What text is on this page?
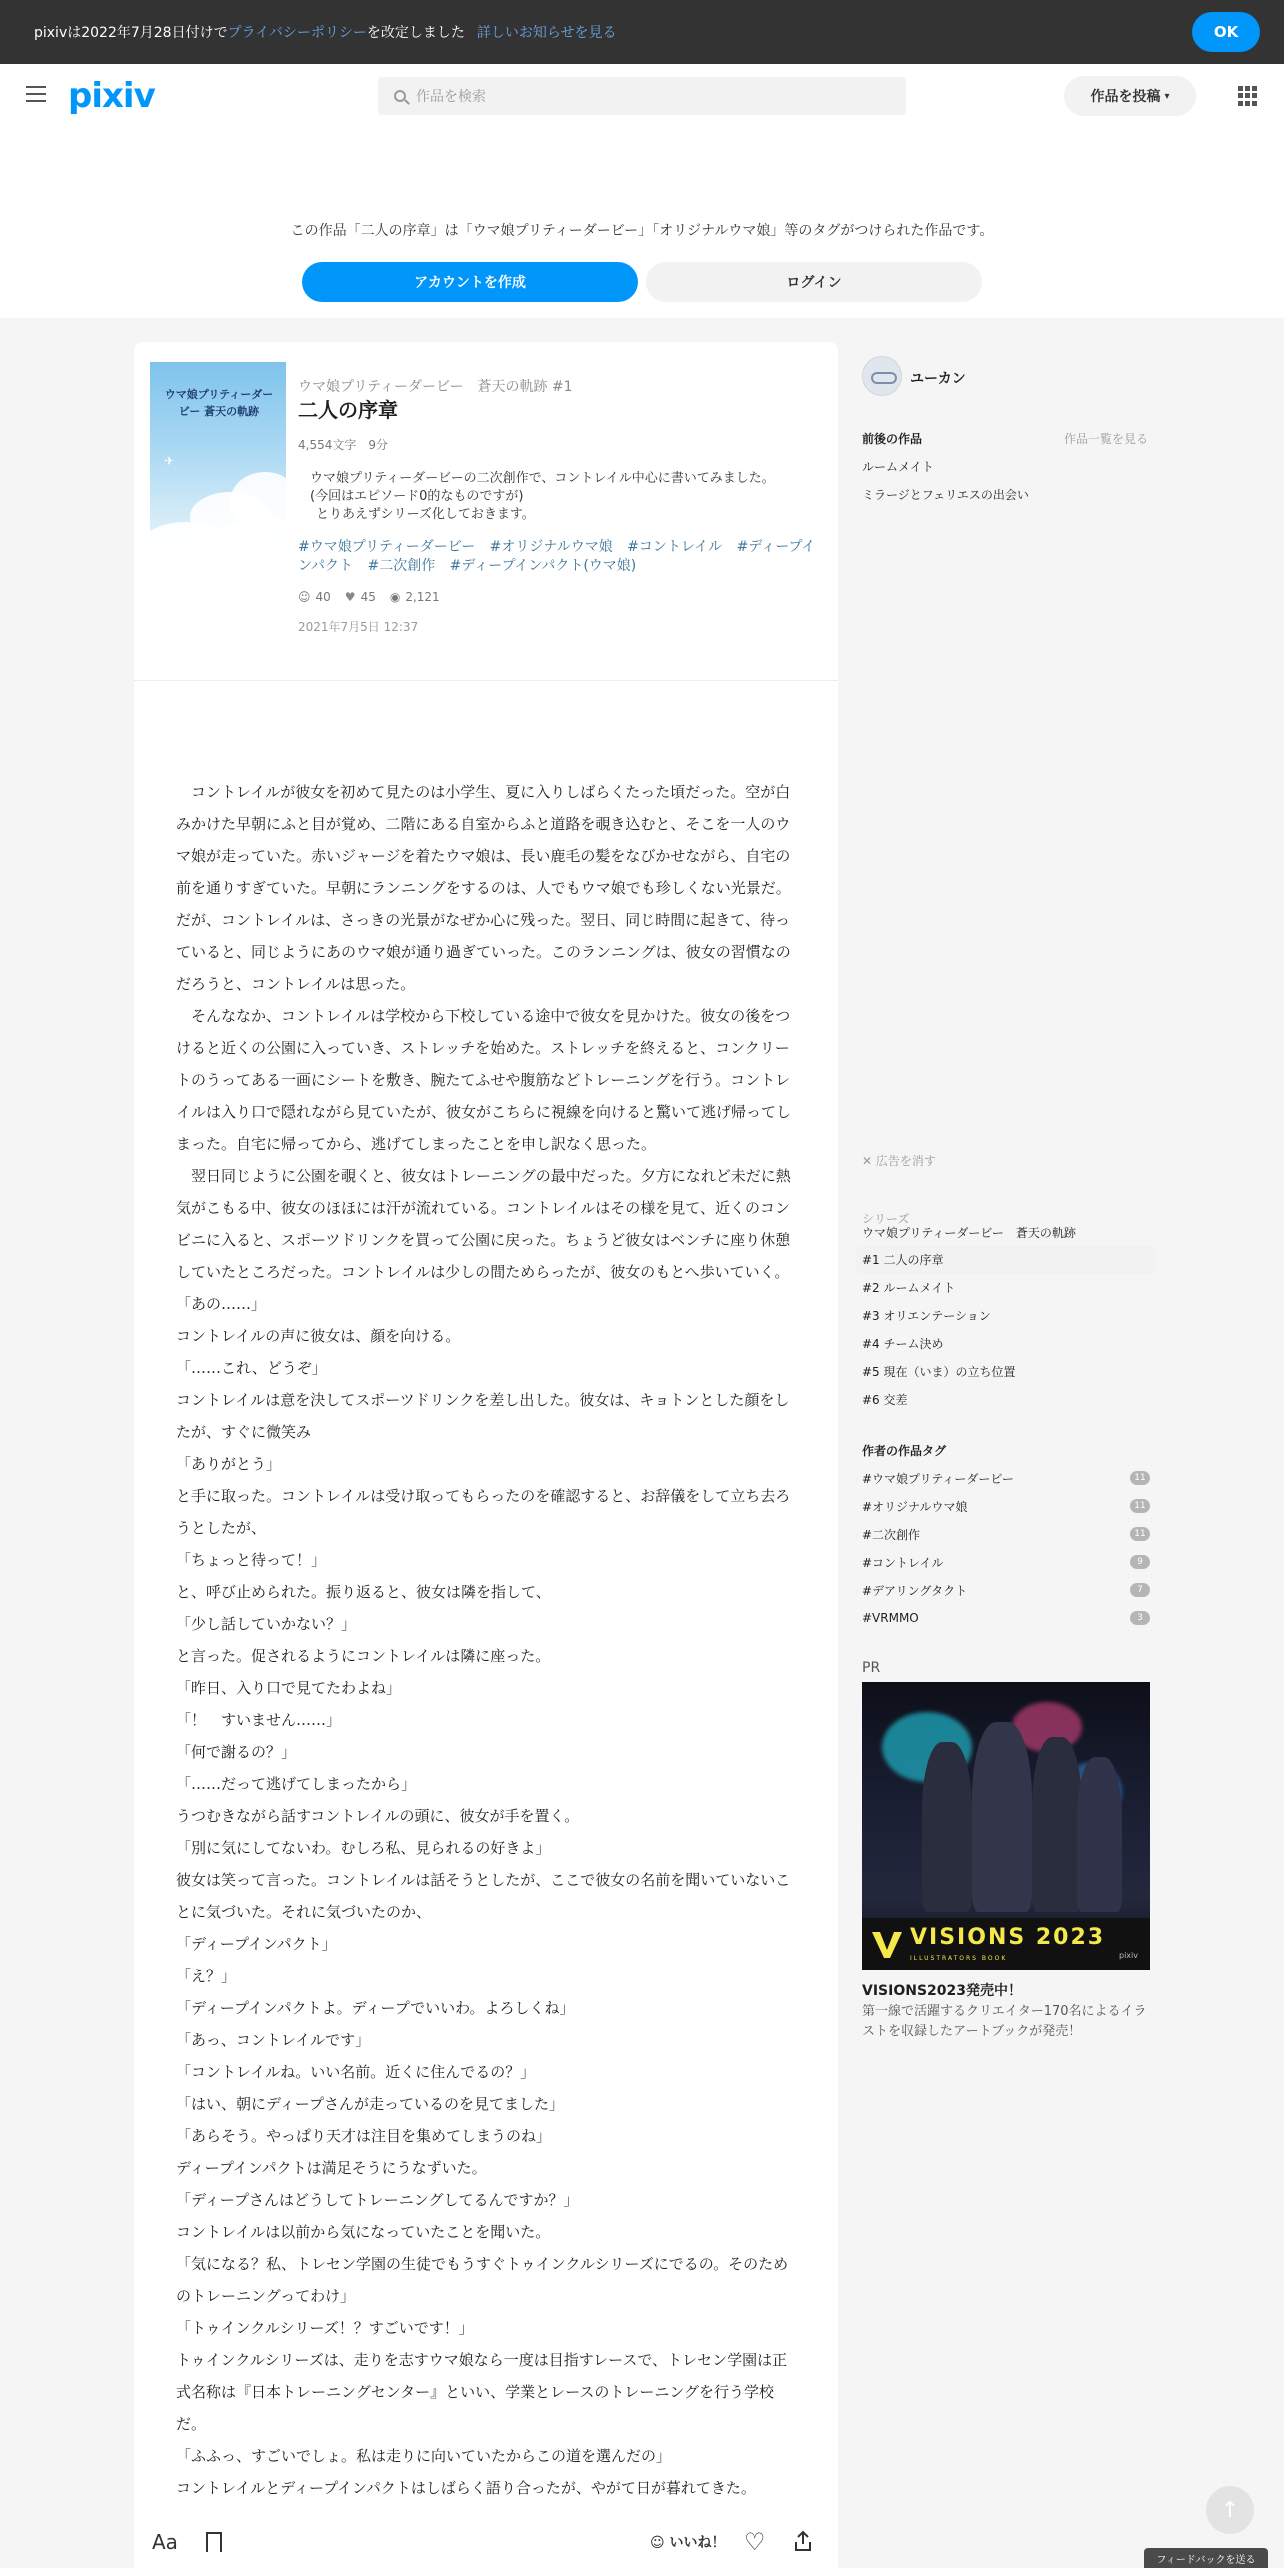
pixivは2022年7月28日付けでプライバシーポリシーを改定しました 詳しいお知らせを見る	OK
pixiv	作品を検索	作品を投稿 ▾
この作品「二人の序章」は「ウマ娘プリティーダービー」「オリジナルウマ娘」等のタグがつけられた作品です。
アカウントを作成	ログイン
ウマ娘プリティーダービー 蒼天の軌跡
✈
ウマ娘プリティーダービー　蒼天の軌跡 #1
二人の序章
4,554文字　9分
ウマ娘プリティーダービーの二次創作で、コントレイル中心に書いてみました。
(今回はエピソード0的なものですが)
とりあえずシリーズ化しておきます。
#ウマ娘プリティーダービー #オリジナルウマ娘 #コントレイル #ディープインパクト #二次創作 #ディープインパクト(ウマ娘)
☺ 40 ♥ 45 ◉ 2,121
2021年7月5日 12:37

　コントレイルが彼女を初めて見たのは小学生、夏に入りしばらくたった頃だった。空が白みかけた早朝にふと目が覚め、二階にある自室からふと道路を覗き込むと、そこを一人のウマ娘が走っていた。赤いジャージを着たウマ娘は、長い鹿毛の髪をなびかせながら、自宅の前を通りすぎていた。早朝にランニングをするのは、人でもウマ娘でも珍しくない光景だ。だが、コントレイルは、さっきの光景がなぜか心に残った。翌日、同じ時間に起きて、待っていると、同じようにあのウマ娘が通り過ぎていった。このランニングは、彼女の習慣なのだろうと、コントレイルは思った。

　そんななか、コントレイルは学校から下校している途中で彼女を見かけた。彼女の後をつけると近くの公園に入っていき、ストレッチを始めた。ストレッチを終えると、コンクリートのうってある一画にシートを敷き、腕たてふせや腹筋などトレーニングを行う。コントレイルは入り口で隠れながら見ていたが、彼女がこちらに視線を向けると驚いて逃げ帰ってしまった。自宅に帰ってから、逃げてしまったことを申し訳なく思った。

　翌日同じように公園を覗くと、彼女はトレーニングの最中だった。夕方になれど未だに熱気がこもる中、彼女のほほには汗が流れている。コントレイルはその様を見て、近くのコンビニに入ると、スポーツドリンクを買って公園に戻った。ちょうど彼女はベンチに座り休憩していたところだった。コントレイルは少しの間ためらったが、彼女のもとへ歩いていく。

「あの……」

コントレイルの声に彼女は、顔を向ける。

「……これ、どうぞ」

コントレイルは意を決してスポーツドリンクを差し出した。彼女は、キョトンとした顔をしたが、すぐに微笑み

「ありがとう」

と手に取った。コントレイルは受け取ってもらったのを確認すると、お辞儀をして立ち去ろうとしたが、

「ちょっと待って！」

と、呼び止められた。振り返ると、彼女は隣を指して、

「少し話していかない？」

と言った。促されるようにコントレイルは隣に座った。

「昨日、入り口で見てたわよね」

「！　すいません……」

「何で謝るの？」

「……だって逃げてしまったから」

うつむきながら話すコントレイルの頭に、彼女が手を置く。

「別に気にしてないわ。むしろ私、見られるの好きよ」

彼女は笑って言った。コントレイルは話そうとしたが、ここで彼女の名前を聞いていないことに気づいた。それに気づいたのか、

「ディープインパクト」

「え？」

「ディープインパクトよ。ディープでいいわ。よろしくね」

「あっ、コントレイルです」

「コントレイルね。いい名前。近くに住んでるの？」

「はい、朝にディープさんが走っているのを見てました」

「あらそう。やっぱり天才は注目を集めてしまうのね」

ディープインパクトは満足そうにうなずいた。

「ディープさんはどうしてトレーニングしてるんですか？」

コントレイルは以前から気になっていたことを聞いた。

「気になる？私、トレセン学園の生徒でもうすぐトゥインクルシリーズにでるの。そのためのトレーニングってわけ」

「トゥインクルシリーズ！？すごいです！」

トゥインクルシリーズは、走りを志すウマ娘なら一度は目指すレースで、トレセン学園は正式名称は『日本トレーニングセンター』といい、学業とレースのトレーニングを行う学校だ。

「ふふっ、すごいでしょ。私は走りに向いていたからこの道を選んだの」

コントレイルとディープインパクトはしばらく語り合ったが、やがて日が暮れてきた。

ユーカン
前後の作品	作品一覧を見る
ルームメイト
ミラージとフェリエスの出会い
✕ 広告を消す
シリーズ
ウマ娘プリティーダービー　蒼天の軌跡
#1 二人の序章
#2 ルームメイト
#3 オリエンテーション
#4 チーム決め
#5 現在（いま）の立ち位置
#6 交差
作者の作品タグ
#ウマ娘プリティーダービー	11
#オリジナルウマ娘	11
#二次創作	11
#コントレイル	9
#デアリングタクト	7
#VRMMO	3
PR
VISIONS 2023
ILLUSTRATORS BOOK	pixiv
VISIONS2023発売中！
第一線で活躍するクリエイター170名によるイラストを収録したアートブックが発売！
Aa	☺ いいね！ ♡
↑
フィードバックを送る
